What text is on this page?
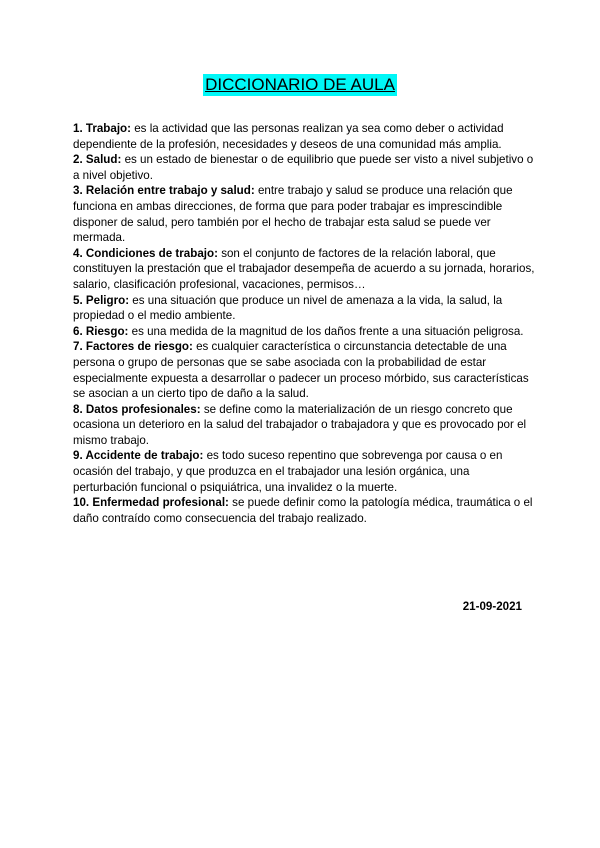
DICCIONARIO DE AULA

1. Trabajo: es la actividad que las personas realizan ya sea como deber o actividad dependiente de la profesión, necesidades y deseos de una comunidad más amplia.

2. Salud: es un estado de bienestar o de equilibrio que puede ser visto a nivel subjetivo o a nivel objetivo.

3. Relación entre trabajo y salud: entre trabajo y salud se produce una relación que funciona en ambas direcciones, de forma que para poder trabajar es imprescindible disponer de salud, pero también por el hecho de trabajar esta salud se puede ver mermada.

4. Condiciones de trabajo: son el conjunto de factores de la relación laboral, que constituyen la prestación que el trabajador desempeña de acuerdo a su jornada, horarios, salario, clasificación profesional, vacaciones, permisos…

5. Peligro: es una situación que produce un nivel de amenaza a la vida, la salud, la propiedad o el medio ambiente.

6. Riesgo: es una medida de la magnitud de los daños frente a una situación peligrosa.

7. Factores de riesgo: es cualquier característica o circunstancia detectable de una persona o grupo de personas que se sabe asociada con la probabilidad de estar especialmente expuesta a desarrollar o padecer un proceso mórbido, sus características se asocian a un cierto tipo de daño a la salud.

8. Datos profesionales: se define como la materialización de un riesgo concreto que ocasiona un deterioro en la salud del trabajador o trabajadora y que es provocado por el mismo trabajo.

9. Accidente de trabajo: es todo suceso repentino que sobrevenga por causa o en ocasión del trabajo, y que produzca en el trabajador una lesión orgánica, una perturbación funcional o psiquiátrica, una invalidez o la muerte.

10. Enfermedad profesional: se puede definir como la patología médica, traumática o el daño contraído como consecuencia del trabajo realizado.

21-09-2021
